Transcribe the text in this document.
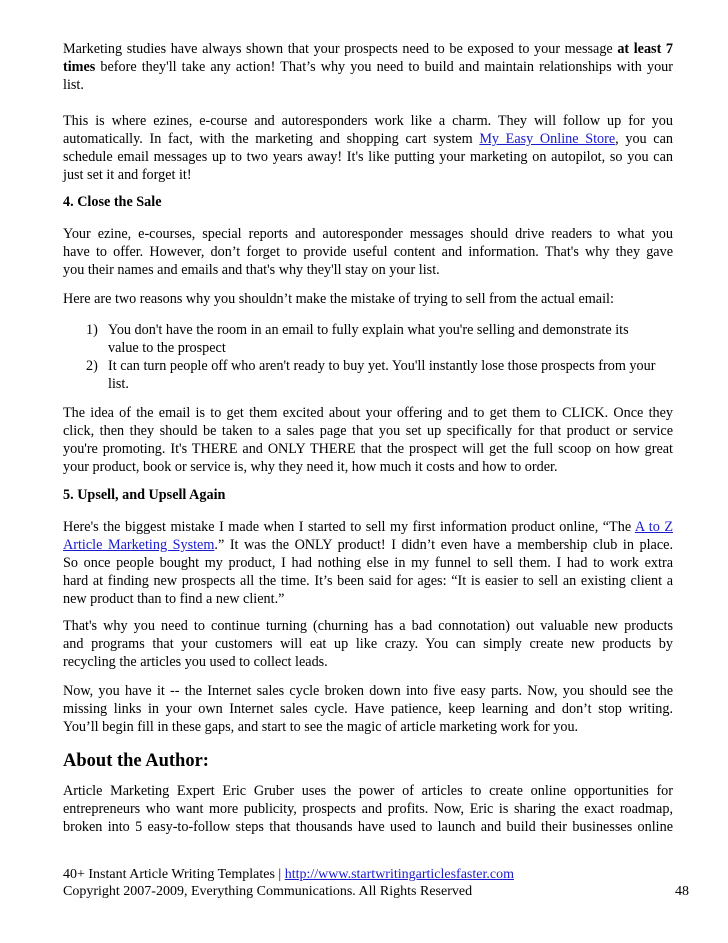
Marketing studies have always shown that your prospects need to be exposed to your message at least 7
times before they'll take any action! That’s why you need to build and maintain relationships with your
list.
This is where ezines, e-course and autoresponders work like a charm. They will follow up for you
automatically. In fact, with the marketing and shopping cart system My Easy Online Store, you can
schedule email messages up to two years away! It's like putting your marketing on autopilot, so you can
just set it and forget it!
4. Close the Sale
Your ezine, e-courses, special reports and autoresponder messages should drive readers to what you
have to offer. However, don’t forget to provide useful content and information. That's why they gave
you their names and emails and that's why they'll stay on your list.
Here are two reasons why you shouldn’t make the mistake of trying to sell from the actual email:
1) You don't have the room in an email to fully explain what you're selling and demonstrate its
value to the prospect
2) It can turn people off who aren't ready to buy yet. You'll instantly lose those prospects from your
list.
The idea of the email is to get them excited about your offering and to get them to CLICK. Once they
click, then they should be taken to a sales page that you set up specifically for that product or service
you're promoting. It's THERE and ONLY THERE that the prospect will get the full scoop on how great
your product, book or service is, why they need it, how much it costs and how to order.
5. Upsell, and Upsell Again
Here's the biggest mistake I made when I started to sell my first information product online, “The A to Z
Article Marketing System.” It was the ONLY product! I didn’t even have a membership club in place.
So once people bought my product, I had nothing else in my funnel to sell them. I had to work extra
hard at finding new prospects all the time. It’s been said for ages: “It is easier to sell an existing client a
new product than to find a new client.”
That's why you need to continue turning (churning has a bad connotation) out valuable new products
and programs that your customers will eat up like crazy. You can simply create new products by
recycling the articles you used to collect leads.
Now, you have it -- the Internet sales cycle broken down into five easy parts. Now, you should see the
missing links in your own Internet sales cycle. Have patience, keep learning and don’t stop writing.
You’ll begin fill in these gaps, and start to see the magic of article marketing work for you.
About the Author:
Article Marketing Expert Eric Gruber uses the power of articles to create online opportunities for
entrepreneurs who want more publicity, prospects and profits. Now, Eric is sharing the exact roadmap,
broken into 5 easy-to-follow steps that thousands have used to launch and build their businesses online
40+ Instant Article Writing Templates | http://www.startwritingarticlesfaster.com
Copyright 2007-2009, Everything Communications. All Rights Reserved	48
